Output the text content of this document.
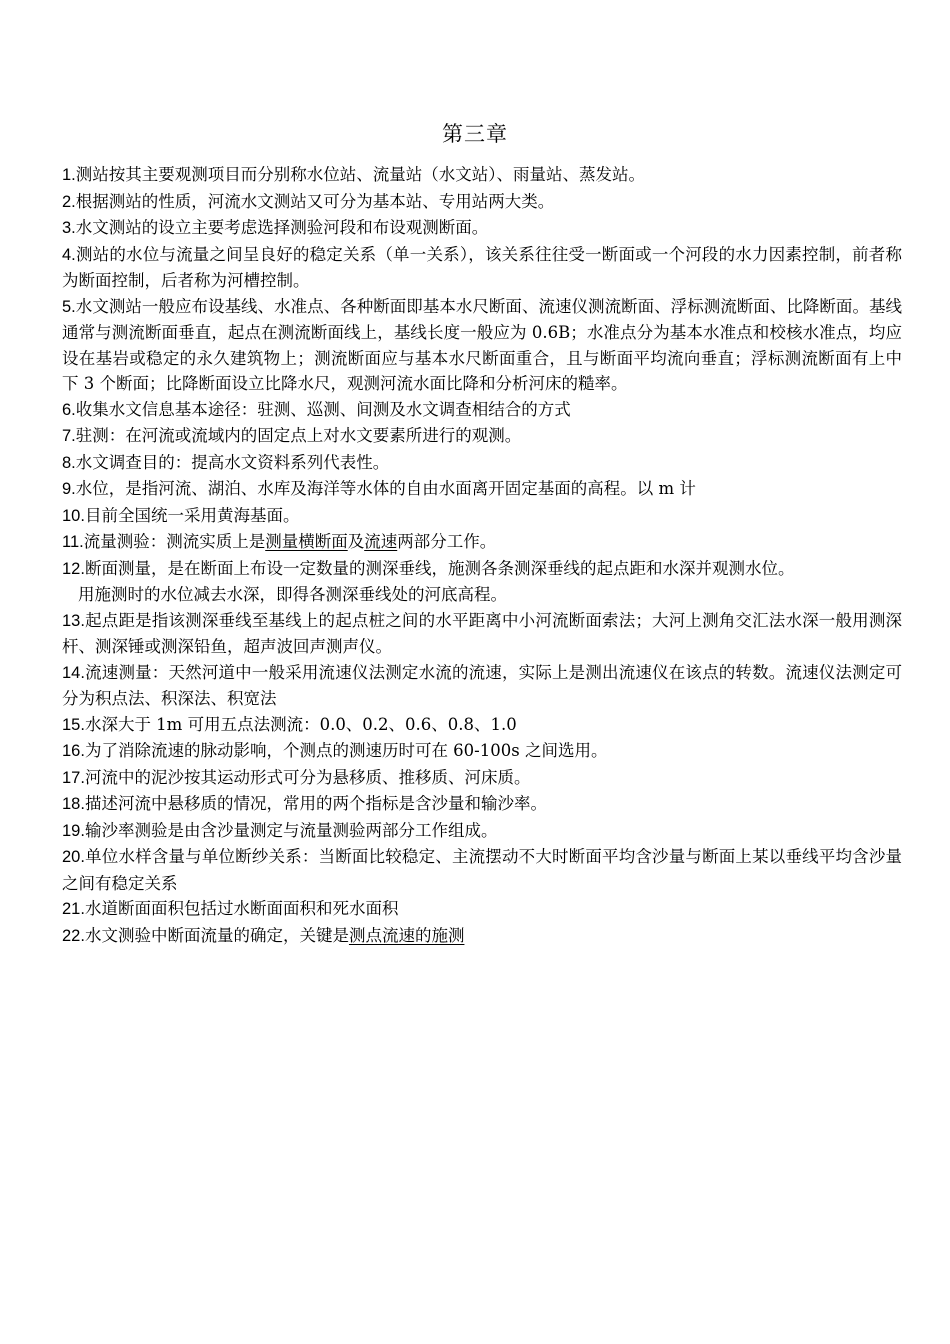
第三章
1.测站按其主要观测项目而分别称水位站、流量站（水文站）、雨量站、蒸发站。
2.根据测站的性质，河流水文测站又可分为基本站、专用站两大类。
3.水文测站的设立主要考虑选择测验河段和布设观测断面。
4.测站的水位与流量之间呈良好的稳定关系（单一关系），该关系往往受一断面或一个河段的水力因素控制，前者称为断面控制，后者称为河槽控制。
5.水文测站一般应布设基线、水准点、各种断面即基本水尺断面、流速仪测流断面、浮标测流断面、比降断面。基线通常与测流断面垂直，起点在测流断面线上，基线长度一般应为 0.6B；水准点分为基本水准点和校核水准点，均应设在基岩或稳定的永久建筑物上；测流断面应与基本水尺断面重合，且与断面平均流向垂直；浮标测流断面有上中下 3 个断面；比降断面设立比降水尺，观测河流水面比降和分析河床的糙率。
6.收集水文信息基本途径：驻测、巡测、间测及水文调查相结合的方式
7.驻测：在河流或流域内的固定点上对水文要素所进行的观测。
8.水文调查目的：提高水文资料系列代表性。
9.水位，是指河流、湖泊、水库及海洋等水体的自由水面离开固定基面的高程。以 m 计
10.目前全国统一采用黄海基面。
11.流量测验：测流实质上是测量横断面及流速两部分工作。
12.断面测量，是在断面上布设一定数量的测深垂线，施测各条测深垂线的起点距和水深并观测水位。
用施测时的水位减去水深，即得各测深垂线处的河底高程。
13.起点距是指该测深垂线至基线上的起点桩之间的水平距离中小河流断面索法；大河上测角交汇法水深一般用测深杆、测深锤或测深铅鱼，超声波回声测声仪。
14.流速测量：天然河道中一般采用流速仪法测定水流的流速，实际上是测出流速仪在该点的转数。流速仪法测定可分为积点法、积深法、积宽法
15.水深大于 1m 可用五点法测流：0.0、0.2、0.6、0.8、1.0
16.为了消除流速的脉动影响，个测点的测速历时可在 60-100s 之间选用。
17.河流中的泥沙按其运动形式可分为悬移质、推移质、河床质。
18.描述河流中悬移质的情况，常用的两个指标是含沙量和输沙率。
19.输沙率测验是由含沙量测定与流量测验两部分工作组成。
20.单位水样含量与单位断纱关系：当断面比较稳定、主流摆动不大时断面平均含沙量与断面上某以垂线平均含沙量之间有稳定关系
21.水道断面面积包括过水断面面积和死水面积
22.水文测验中断面流量的确定，关键是测点流速的施测
